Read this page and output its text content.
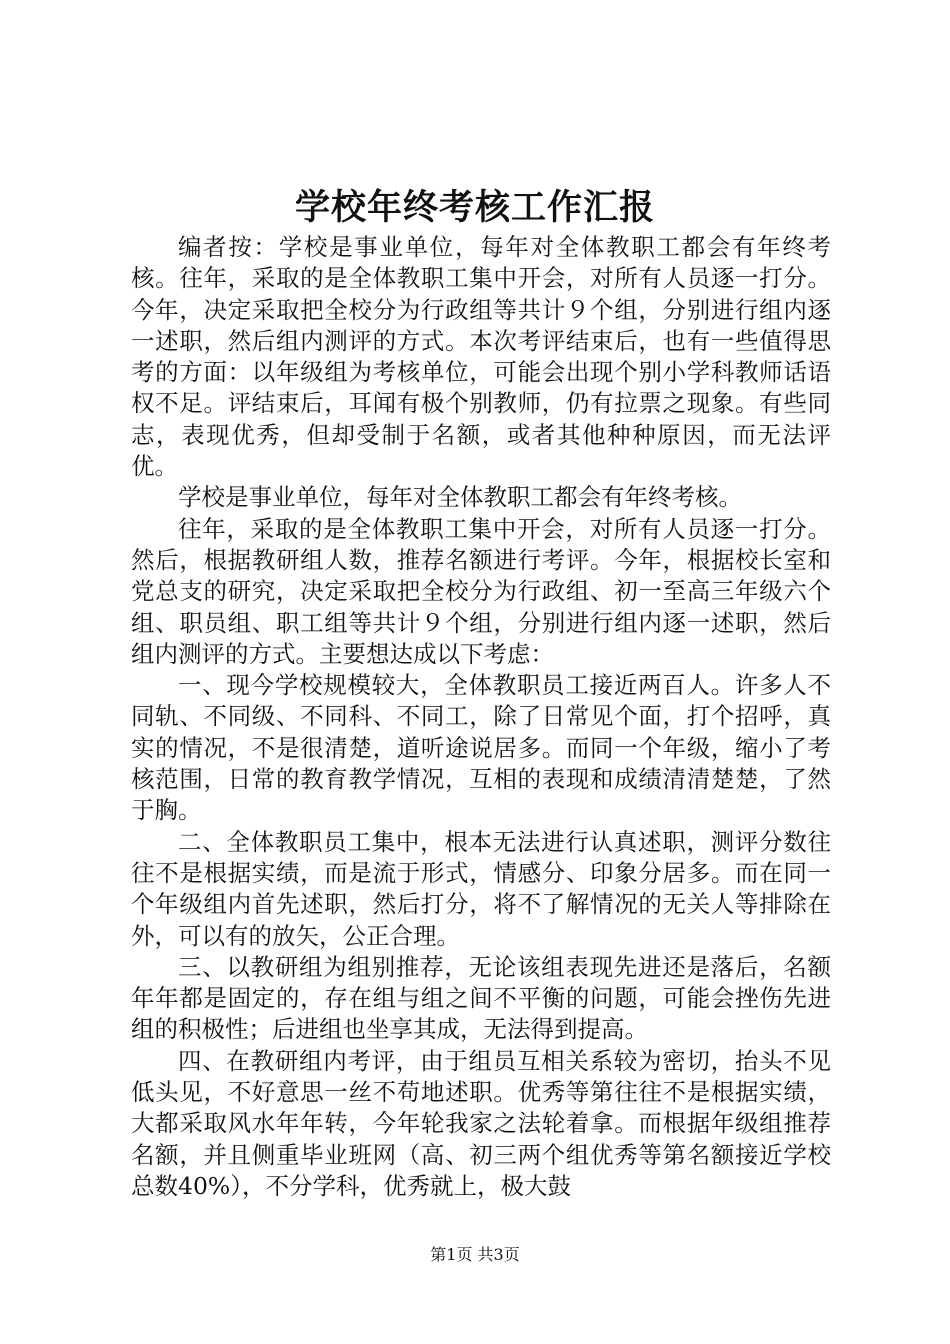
学校年终考核工作汇报

编者按：学校是事业单位，每年对全体教职工都会有年终考核。往年，采取的是全体教职工集中开会，对所有人员逐一打分。今年，决定采取把全校分为行政组等共计９个组，分别进行组内逐一述职，然后组内测评的方式。本次考评结束后，也有一些值得思考的方面：以年级组为考核单位，可能会出现个别小学科教师话语权不足。评结束后，耳闻有极个别教师，仍有拉票之现象。有些同志，表现优秀，但却受制于名额，或者其他种种原因，而无法评优。

学校是事业单位，每年对全体教职工都会有年终考核。

往年，采取的是全体教职工集中开会，对所有人员逐一打分。然后，根据教研组人数，推荐名额进行考评。今年，根据校长室和党总支的研究，决定采取把全校分为行政组、初一至高三年级六个组、职员组、职工组等共计９个组，分别进行组内逐一述职，然后组内测评的方式。主要想达成以下考虑：

一、现今学校规模较大，全体教职员工接近两百人。许多人不同轨、不同级、不同科、不同工，除了日常见个面，打个招呼，真实的情况，不是很清楚，道听途说居多。而同一个年级，缩小了考核范围，日常的教育教学情况，互相的表现和成绩清清楚楚，了然于胸。

二、全体教职员工集中，根本无法进行认真述职，测评分数往往不是根据实绩，而是流于形式，情感分、印象分居多。而在同一个年级组内首先述职，然后打分，将不了解情况的无关人等排除在外，可以有的放矢，公正合理。

三、以教研组为组别推荐，无论该组表现先进还是落后，名额年年都是固定的，存在组与组之间不平衡的问题，可能会挫伤先进组的积极性；后进组也坐享其成，无法得到提高。

四、在教研组内考评，由于组员互相关系较为密切，抬头不见低头见，不好意思一丝不苟地述职。优秀等第往往不是根据实绩，大都采取风水年年转，今年轮我家之法轮着拿。而根据年级组推荐名额，并且侧重毕业班网（高、初三两个组优秀等第名额接近学校总数40%），不分学科，优秀就上，极大鼓

第1页 共3页
